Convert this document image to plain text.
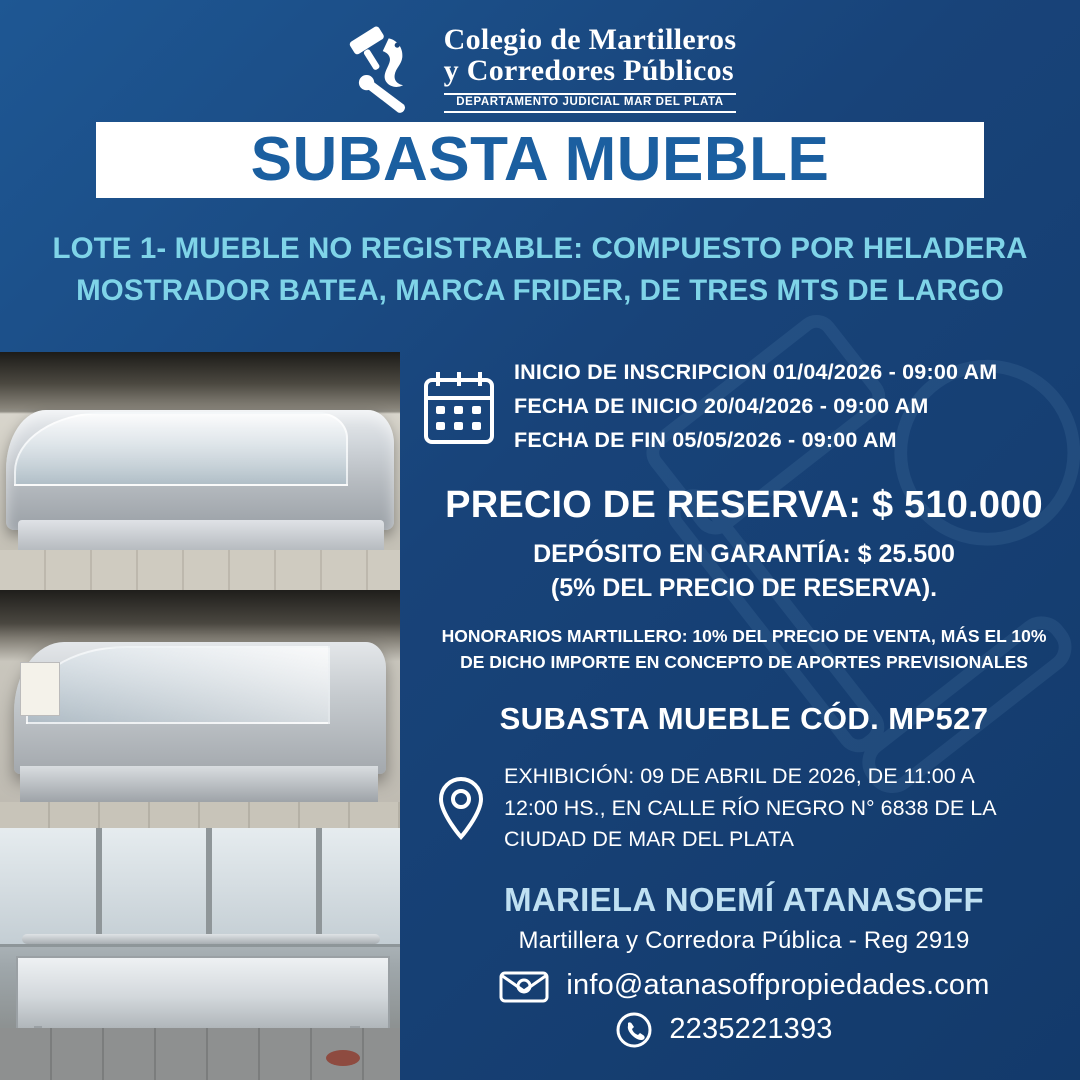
Colegio de Martilleros
y Corredores Públicos
DEPARTAMENTO JUDICIAL MAR DEL PLATA
SUBASTA MUEBLE
LOTE 1- MUEBLE NO REGISTRABLE: COMPUESTO POR HELADERA
MOSTRADOR BATEA, MARCA FRIDER, DE TRES MTS DE LARGO
INICIO DE INSCRIPCION 01/04/2026 - 09:00 AM
FECHA DE INICIO 20/04/2026 - 09:00 AM
FECHA DE FIN 05/05/2026 - 09:00 AM
PRECIO DE RESERVA: $ 510.000
DEPÓSITO EN GARANTÍA: $ 25.500
(5% DEL PRECIO DE RESERVA).
HONORARIOS MARTILLERO: 10% DEL PRECIO DE VENTA, MÁS EL 10%
DE DICHO IMPORTE EN CONCEPTO DE APORTES PREVISIONALES
SUBASTA MUEBLE CÓD. MP527
EXHIBICIÓN: 09 DE ABRIL DE 2026, DE 11:00 A
12:00 HS., EN CALLE RÍO NEGRO N° 6838 DE LA
CIUDAD DE MAR DEL PLATA
MARIELA NOEMÍ ATANASOFF
Martillera y Corredora Pública - Reg 2919
info@atanasoffpropiedades.com
2235221393
